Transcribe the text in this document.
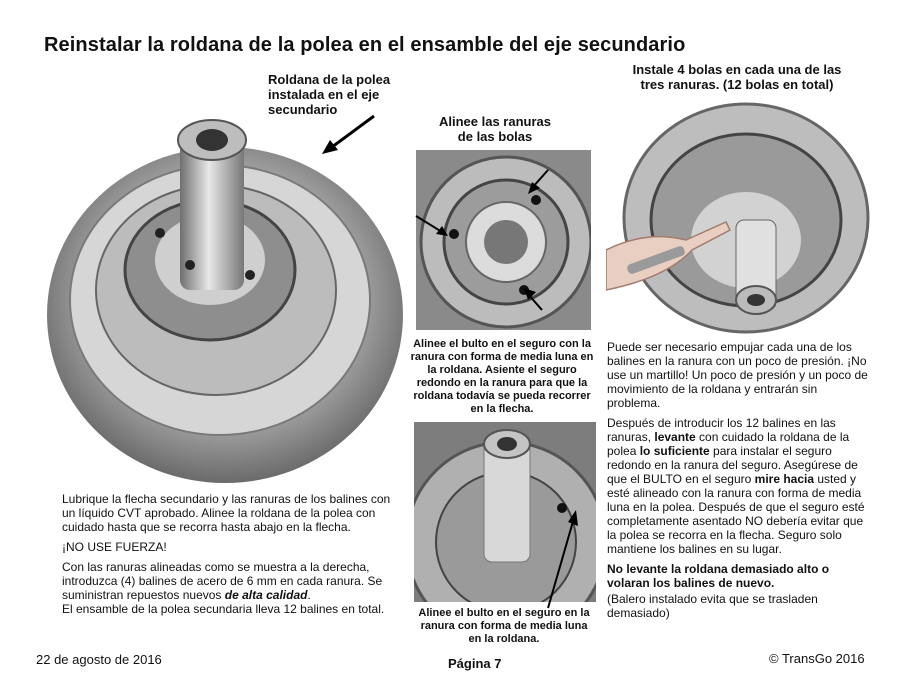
Reinstalar la roldana de la polea en el ensamble del eje secundario
Roldana de la polea
instalada en el eje
secundario
Alinee las ranuras
de las bolas
Instale 4 bolas en cada una de las
tres ranuras. (12 bolas en total)
Alinee el bulto en el seguro con la
ranura con forma de media luna en
la roldana. Asiente el seguro
redondo en la ranura para que la
roldana todavía se pueda recorrer
en la flecha.
Alinee el bulto en el seguro en la
ranura con forma de media luna
en la roldana.

Lubrique la flecha secundario y las ranuras de los balines con un líquido CVT aprobado. Alinee la roldana de la polea con cuidado hasta que se recorra hasta abajo en la flecha.

¡NO USE FUERZA!

Con las ranuras alineadas como se muestra a la derecha, introduzca (4) balines de acero de 6 mm en cada ranura. Se suministran repuestos nuevos de alta calidad.

El ensamble de la polea secundaria lleva 12 balines en total.

Puede ser necesario empujar cada una de los balines en la ranura con un poco de presión. ¡No use un martillo! Un poco de presión y un poco de movimiento de la roldana y entrarán sin problema.

Después de introducir los 12 balines en las ranuras, levante con cuidado la roldana de la polea lo suficiente para instalar el seguro redondo en la ranura del seguro. Asegúrese de que el BULTO en el seguro mire hacia usted y esté alineado con la ranura con forma de media luna en la polea. Después de que el seguro esté completamente asentado NO debería evitar que la polea se recorra en la flecha. Seguro solo mantiene los balines en su lugar.

No levante la roldana demasiado alto o volaran los balines de nuevo.

(Balero instalado evita que se trasladen demasiado)

22 de agosto de 2016	Página 7	© TransGo 2016
